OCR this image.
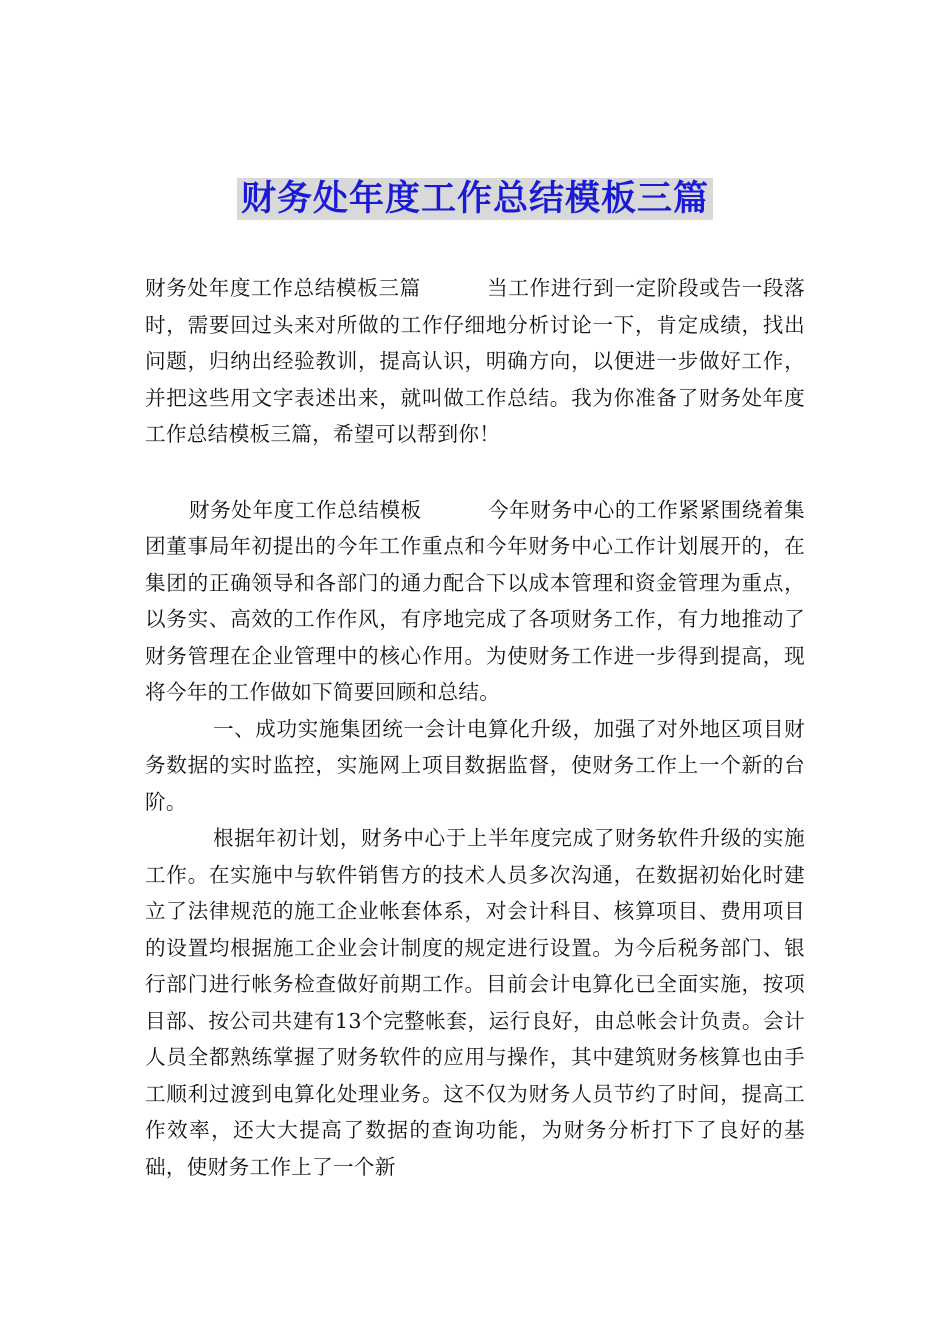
财务处年度工作总结模板三篇

财务处年度工作总结模板三篇	当工作进行到一定阶段或告一段落时，需要回过头来对所做的工作仔细地分析讨论一下，肯定成绩，找出问题，归纳出经验教训，提高认识，明确方向，以便进一步做好工作，并把这些用文字表述出来，就叫做工作总结。我为你准备了财务处年度工作总结模板三篇，希望可以帮到你！

财务处年度工作总结模板	今年财务中心的工作紧紧围绕着集团董事局年初提出的今年工作重点和今年财务中心工作计划展开的，在集团的正确领导和各部门的通力配合下以成本管理和资金管理为重点，以务实、高效的工作作风，有序地完成了各项财务工作，有力地推动了财务管理在企业管理中的核心作用。为使财务工作进一步得到提高，现将今年的工作做如下简要回顾和总结。

一、成功实施集团统一会计电算化升级，加强了对外地区项目财务数据的实时监控，实施网上项目数据监督，使财务工作上一个新的台阶。

根据年初计划，财务中心于上半年度完成了财务软件升级的实施工作。在实施中与软件销售方的技术人员多次沟通，在数据初始化时建立了法律规范的施工企业帐套体系，对会计科目、核算项目、费用项目的设置均根据施工企业会计制度的规定进行设置。为今后税务部门、银行部门进行帐务检查做好前期工作。目前会计电算化已全面实施，按项目部、按公司共建有13个完整帐套，运行良好，由总帐会计负责。会计人员全都熟练掌握了财务软件的应用与操作，其中建筑财务核算也由手工顺利过渡到电算化处理业务。这不仅为财务人员节约了时间，提高工作效率，还大大提高了数据的查询功能，为财务分析打下了良好的基础，使财务工作上了一个新
